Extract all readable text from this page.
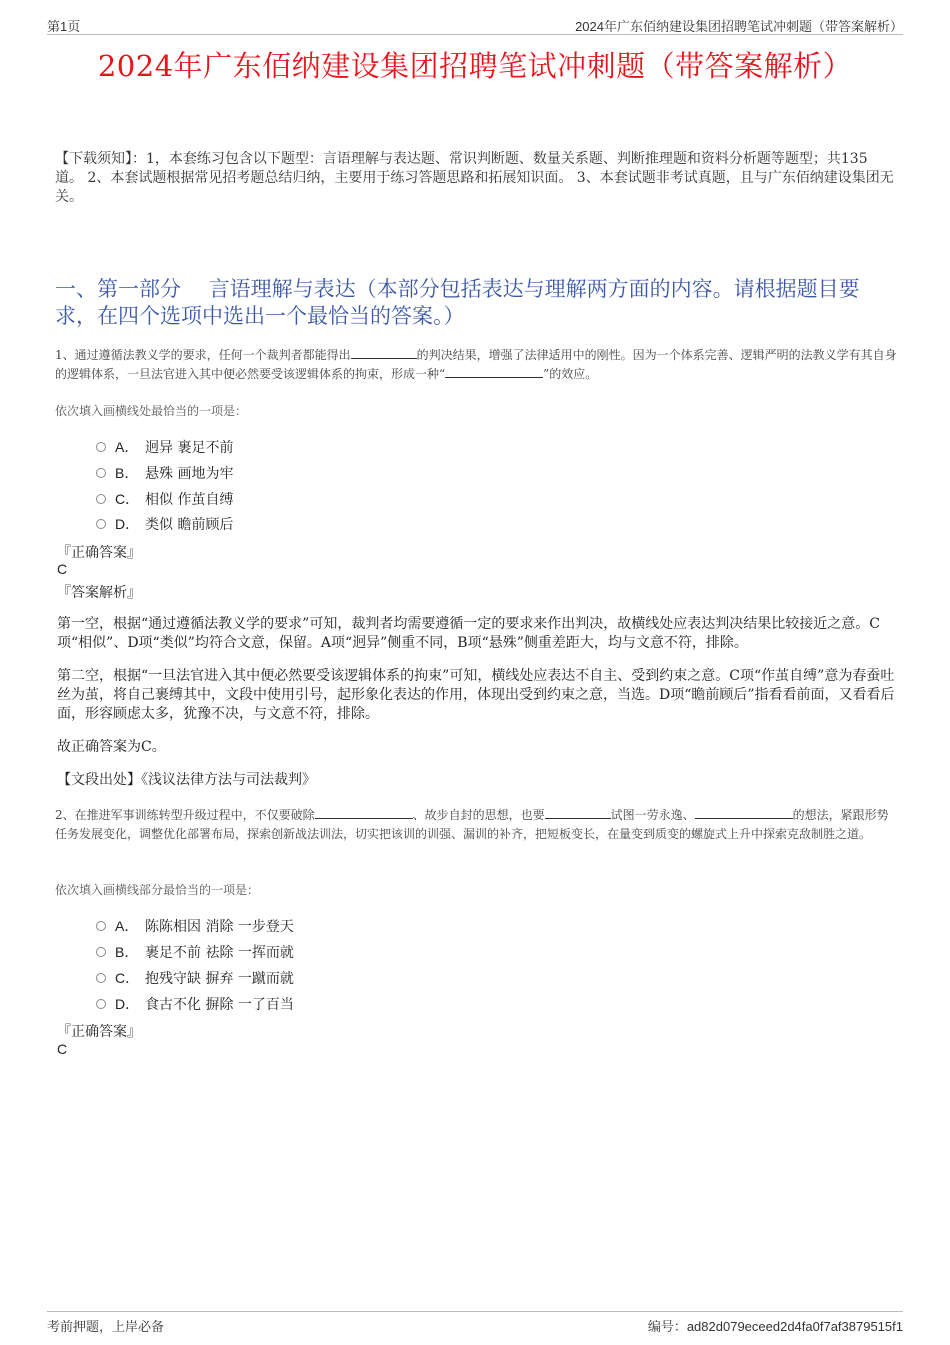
第1页	2024年广东佰纳建设集团招聘笔试冲刺题（带答案解析）
2024年广东佰纳建设集团招聘笔试冲刺题（带答案解析）
【下载须知】：1，本套练习包含以下题型：言语理解与表达题、常识判断题、数量关系题、判断推理题和资料分析题等题型；共135道。 2、本套试题根据常见招考题总结归纳，主要用于练习答题思路和拓展知识面。 3、本套试题非考试真题，且与广东佰纳建设集团无关。
一、第一部分　 言语理解与表达（本部分包括表达与理解两方面的内容。请根据题目要求，在四个选项中选出一个最恰当的答案。）
1、通过遵循法教义学的要求，任何一个裁判者都能得出	的判决结果，增强了法律适用中的刚性。因为一个体系完善、逻辑严明的法教义学有其自身的逻辑体系，一旦法官进入其中便必然要受该逻辑体系的拘束，形成一种“	”的效应。
依次填入画横线处最恰当的一项是：
A． 迥异 裹足不前
B． 悬殊 画地为牢
C． 相似 作茧自缚
D． 类似 瞻前顾后
『正确答案』
C
『答案解析』
第一空，根据“通过遵循法教义学的要求”可知，裁判者均需要遵循一定的要求来作出判决，故横线处应表达判决结果比较接近之意。C项“相似”、D项“类似”均符合文意，保留。A项“迥异”侧重不同，B项“悬殊”侧重差距大，均与文意不符，排除。
第二空，根据“一旦法官进入其中便必然要受该逻辑体系的拘束”可知，横线处应表达不自主、受到约束之意。C项“作茧自缚”意为春蚕吐丝为茧，将自己裹缚其中，文段中使用引号，起形象化表达的作用，体现出受到约束之意，当选。D项“瞻前顾后”指看看前面，又看看后面，形容顾虑太多，犹豫不决，与文意不符，排除。
故正确答案为C。
【文段出处】《浅议法律方法与司法裁判》
2、在推进军事训练转型升级过程中，不仅要破除	、故步自封的思想，也要	试图一劳永逸、	的想法，紧跟形势任务发展变化，调整优化部署布局，探索创新战法训法，切实把该训的训强、漏训的补齐，把短板变长，在量变到质变的螺旋式上升中探索克敌制胜之道。
依次填入画横线部分最恰当的一项是：
A． 陈陈相因 消除 一步登天
B． 裹足不前 祛除 一挥而就
C． 抱残守缺 摒弃 一蹴而就
D． 食古不化 摒除 一了百当
『正确答案』
C
考前押题，上岸必备	编号：ad82d079eceed2d4fa0f7af3879515f1
